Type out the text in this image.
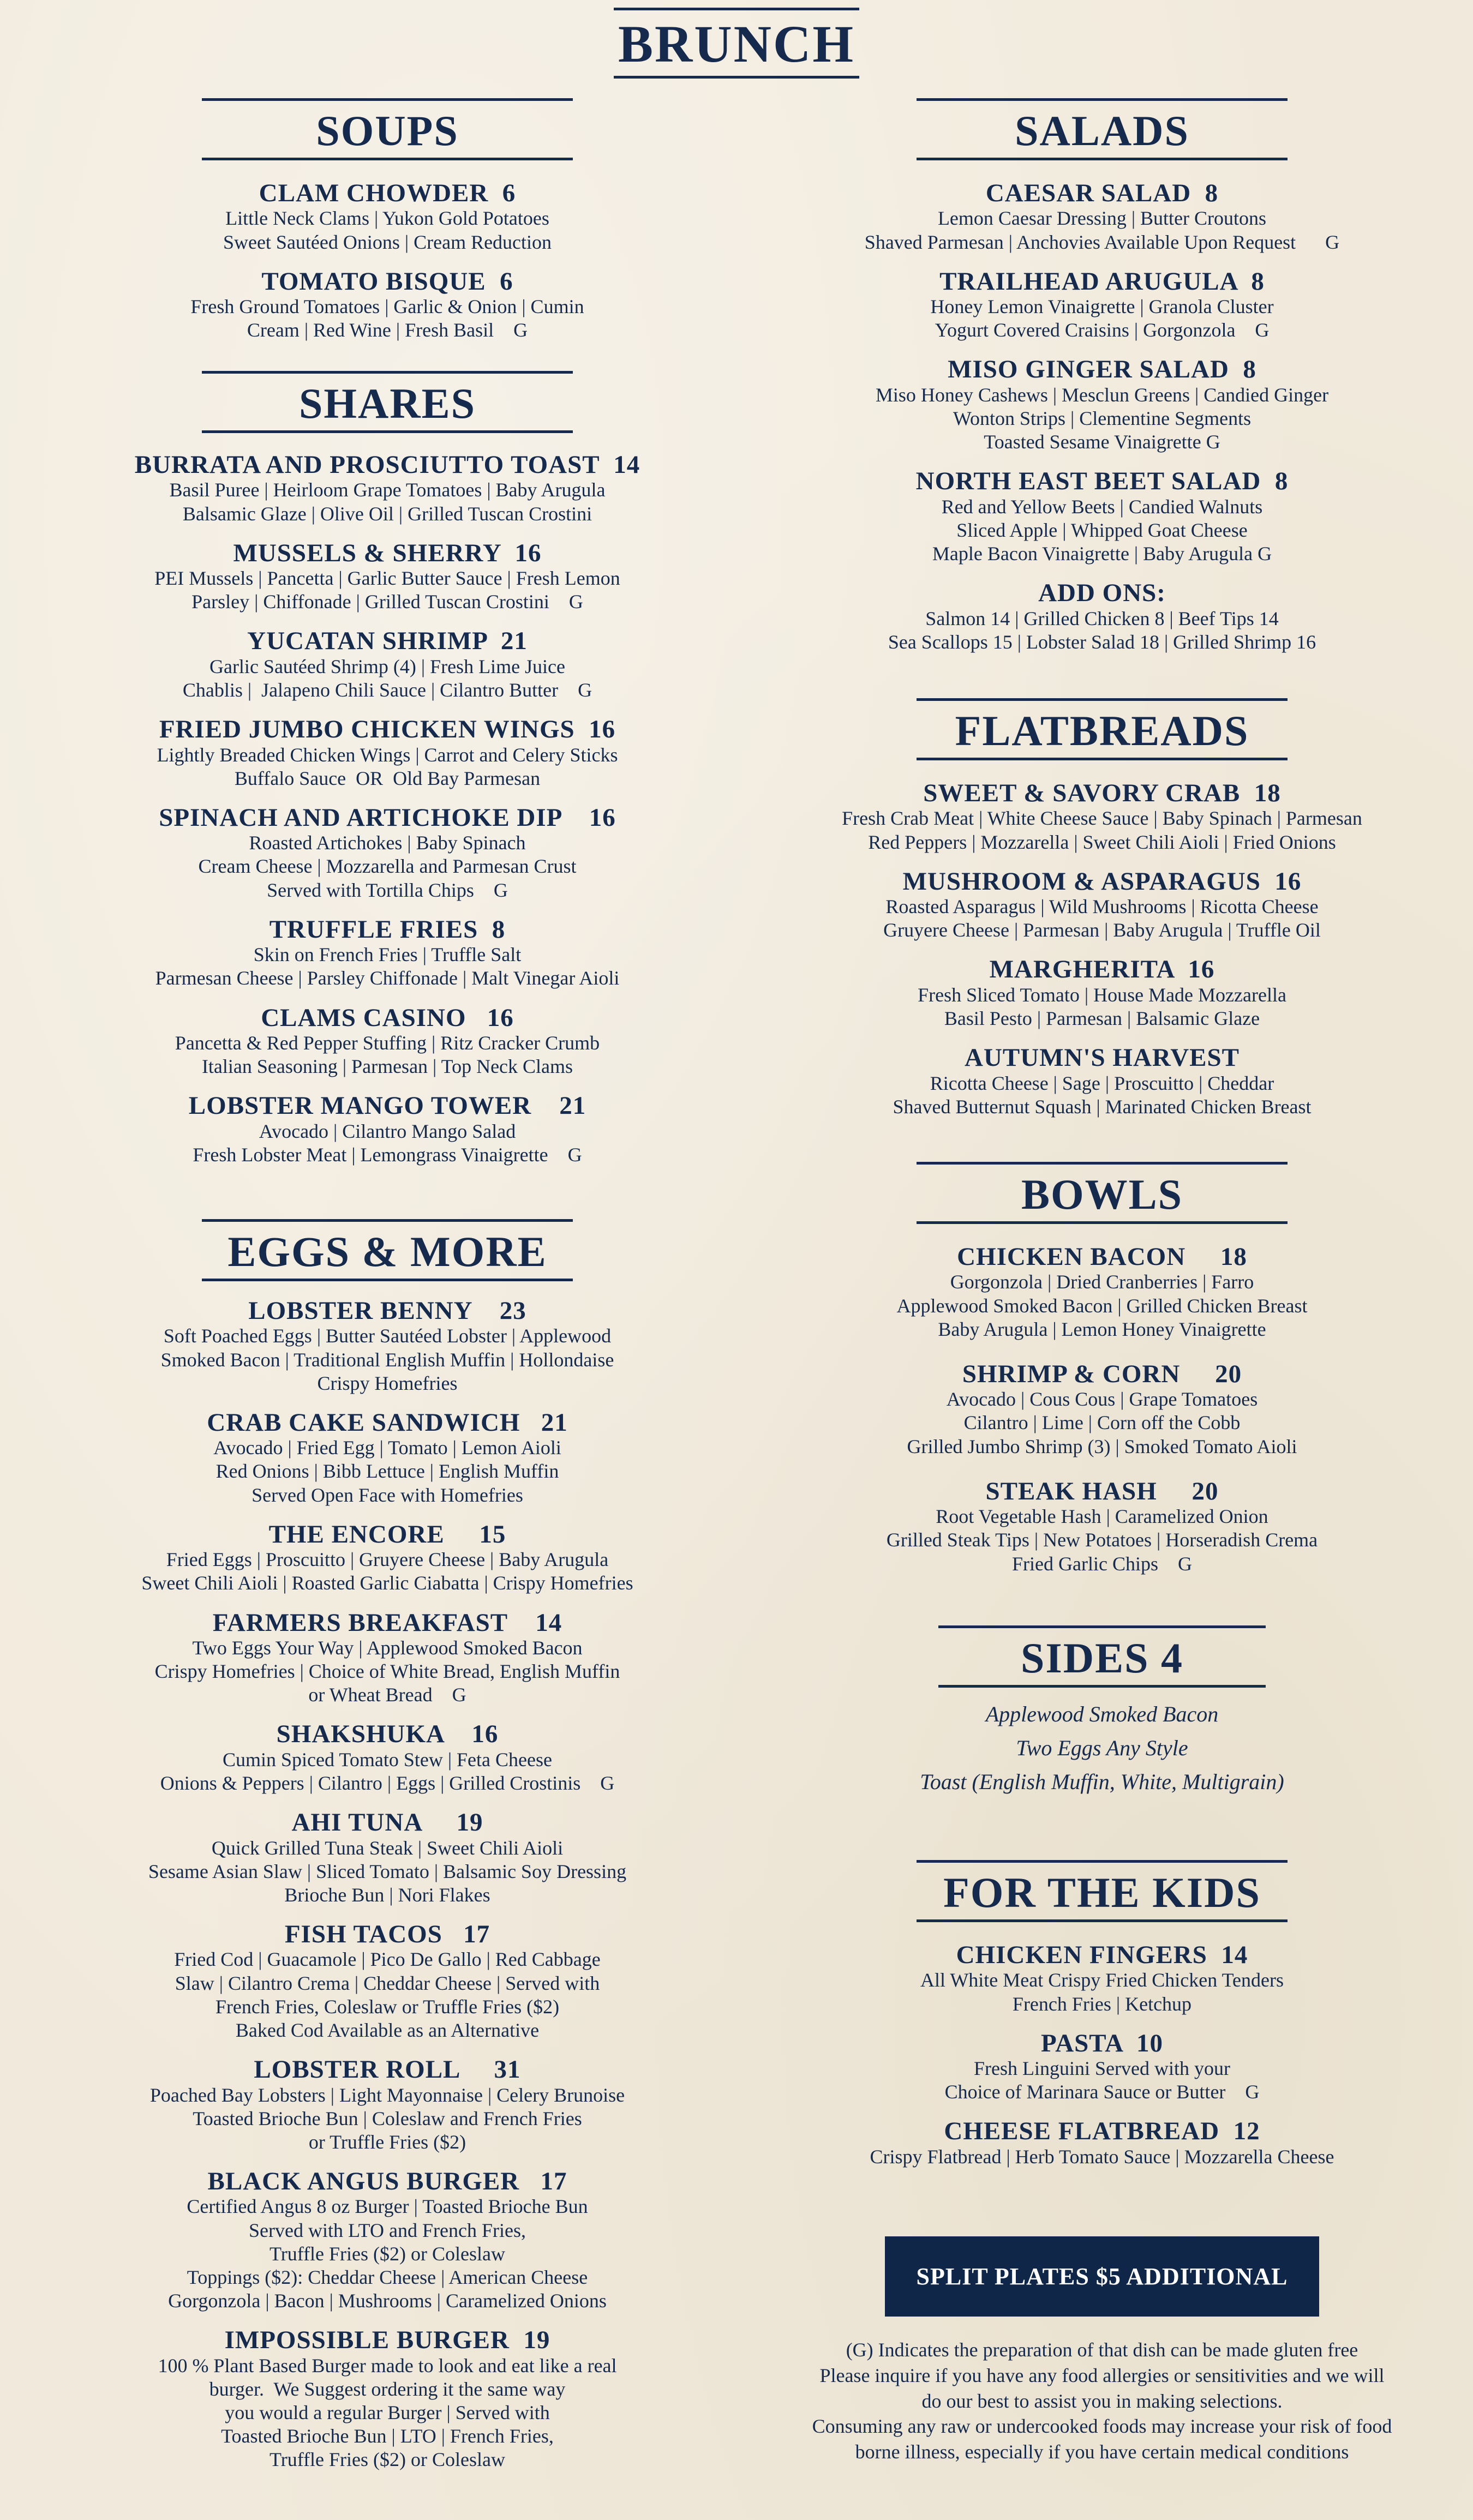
BRUNCH
SOUPS
CLAM CHOWDER  6
Little Neck Clams | Yukon Gold Potatoes
Sweet Sautéed Onions | Cream Reduction
TOMATO BISQUE  6
Fresh Ground Tomatoes | Garlic & Onion | Cumin
Cream | Red Wine | Fresh Basil    G
SHARES
BURRATA AND PROSCIUTTO TOAST  14
Basil Puree | Heirloom Grape Tomatoes | Baby Arugula
Balsamic Glaze | Olive Oil | Grilled Tuscan Crostini
MUSSELS & SHERRY  16
PEI Mussels | Pancetta | Garlic Butter Sauce | Fresh Lemon
Parsley | Chiffonade | Grilled Tuscan Crostini    G
YUCATAN SHRIMP  21
Garlic Sautéed Shrimp (4) | Fresh Lime Juice
Chablis |  Jalapeno Chili Sauce | Cilantro Butter    G
FRIED JUMBO CHICKEN WINGS  16
Lightly Breaded Chicken Wings | Carrot and Celery Sticks
Buffalo Sauce  OR  Old Bay Parmesan
SPINACH AND ARTICHOKE DIP    16
Roasted Artichokes | Baby Spinach
Cream Cheese | Mozzarella and Parmesan Crust
Served with Tortilla Chips    G
TRUFFLE FRIES  8
Skin on French Fries | Truffle Salt
Parmesan Cheese | Parsley Chiffonade | Malt Vinegar Aioli
CLAMS CASINO   16
Pancetta & Red Pepper Stuffing | Ritz Cracker Crumb
Italian Seasoning | Parmesan | Top Neck Clams
LOBSTER MANGO TOWER    21
Avocado | Cilantro Mango Salad
Fresh Lobster Meat | Lemongrass Vinaigrette    G
EGGS & MORE
LOBSTER BENNY    23
Soft Poached Eggs | Butter Sautéed Lobster | Applewood
Smoked Bacon | Traditional English Muffin | Hollondaise
Crispy Homefries
CRAB CAKE SANDWICH   21
Avocado | Fried Egg | Tomato | Lemon Aioli
Red Onions | Bibb Lettuce | English Muffin
Served Open Face with Homefries
THE ENCORE     15
Fried Eggs | Proscuitto | Gruyere Cheese | Baby Arugula
Sweet Chili Aioli | Roasted Garlic Ciabatta | Crispy Homefries
FARMERS BREAKFAST    14
Two Eggs Your Way | Applewood Smoked Bacon
Crispy Homefries | Choice of White Bread, English Muffin
or Wheat Bread    G
SHAKSHUKA    16
Cumin Spiced Tomato Stew | Feta Cheese
Onions & Peppers | Cilantro | Eggs | Grilled Crostinis    G
AHI TUNA     19
Quick Grilled Tuna Steak | Sweet Chili Aioli
Sesame Asian Slaw | Sliced Tomato | Balsamic Soy Dressing
Brioche Bun | Nori Flakes
FISH TACOS   17
Fried Cod | Guacamole | Pico De Gallo | Red Cabbage
Slaw | Cilantro Crema | Cheddar Cheese | Served with
French Fries, Coleslaw or Truffle Fries ($2)
Baked Cod Available as an Alternative
LOBSTER ROLL     31
Poached Bay Lobsters | Light Mayonnaise | Celery Brunoise
Toasted Brioche Bun | Coleslaw and French Fries
or Truffle Fries ($2)
BLACK ANGUS BURGER   17
Certified Angus 8 oz Burger | Toasted Brioche Bun
Served with LTO and French Fries,
Truffle Fries ($2) or Coleslaw
Toppings ($2): Cheddar Cheese | American Cheese
Gorgonzola | Bacon | Mushrooms | Caramelized Onions
IMPOSSIBLE BURGER  19
100 % Plant Based Burger made to look and eat like a real
burger.  We Suggest ordering it the same way
you would a regular Burger | Served with
Toasted Brioche Bun | LTO | French Fries,
Truffle Fries ($2) or Coleslaw
SALADS
CAESAR SALAD  8
Lemon Caesar Dressing | Butter Croutons
Shaved Parmesan | Anchovies Available Upon Request      G
TRAILHEAD ARUGULA  8
Honey Lemon Vinaigrette | Granola Cluster
Yogurt Covered Craisins | Gorgonzola    G
MISO GINGER SALAD  8
Miso Honey Cashews | Mesclun Greens | Candied Ginger
Wonton Strips | Clementine Segments
Toasted Sesame Vinaigrette G
NORTH EAST BEET SALAD  8
Red and Yellow Beets | Candied Walnuts
Sliced Apple | Whipped Goat Cheese
Maple Bacon Vinaigrette | Baby Arugula G
ADD ONS:
Salmon 14 | Grilled Chicken 8 | Beef Tips 14
Sea Scallops 15 | Lobster Salad 18 | Grilled Shrimp 16
FLATBREADS
SWEET & SAVORY CRAB  18
Fresh Crab Meat | White Cheese Sauce | Baby Spinach | Parmesan
Red Peppers | Mozzarella | Sweet Chili Aioli | Fried Onions
MUSHROOM & ASPARAGUS  16
Roasted Asparagus | Wild Mushrooms | Ricotta Cheese
Gruyere Cheese | Parmesan | Baby Arugula | Truffle Oil
MARGHERITA  16
Fresh Sliced Tomato | House Made Mozzarella
Basil Pesto | Parmesan | Balsamic Glaze
AUTUMN'S HARVEST
Ricotta Cheese | Sage | Proscuitto | Cheddar
Shaved Butternut Squash | Marinated Chicken Breast
BOWLS
CHICKEN BACON     18
Gorgonzola | Dried Cranberries | Farro
Applewood Smoked Bacon | Grilled Chicken Breast
Baby Arugula | Lemon Honey Vinaigrette
SHRIMP & CORN     20
Avocado | Cous Cous | Grape Tomatoes
Cilantro | Lime | Corn off the Cobb
Grilled Jumbo Shrimp (3) | Smoked Tomato Aioli
STEAK HASH     20
Root Vegetable Hash | Caramelized Onion
Grilled Steak Tips | New Potatoes | Horseradish Crema
Fried Garlic Chips    G
SIDES 4
Applewood Smoked Bacon
Two Eggs Any Style
Toast (English Muffin, White, Multigrain)
FOR THE KIDS
CHICKEN FINGERS  14
All White Meat Crispy Fried Chicken Tenders
French Fries | Ketchup
PASTA  10
Fresh Linguini Served with your
Choice of Marinara Sauce or Butter    G
CHEESE FLATBREAD  12
Crispy Flatbread | Herb Tomato Sauce | Mozzarella Cheese
SPLIT PLATES $5 ADDITIONAL
(G) Indicates the preparation of that dish can be made gluten free
Please inquire if you have any food allergies or sensitivities and we will
do our best to assist you in making selections.
Consuming any raw or undercooked foods may increase your risk of food
borne illness, especially if you have certain medical conditions
